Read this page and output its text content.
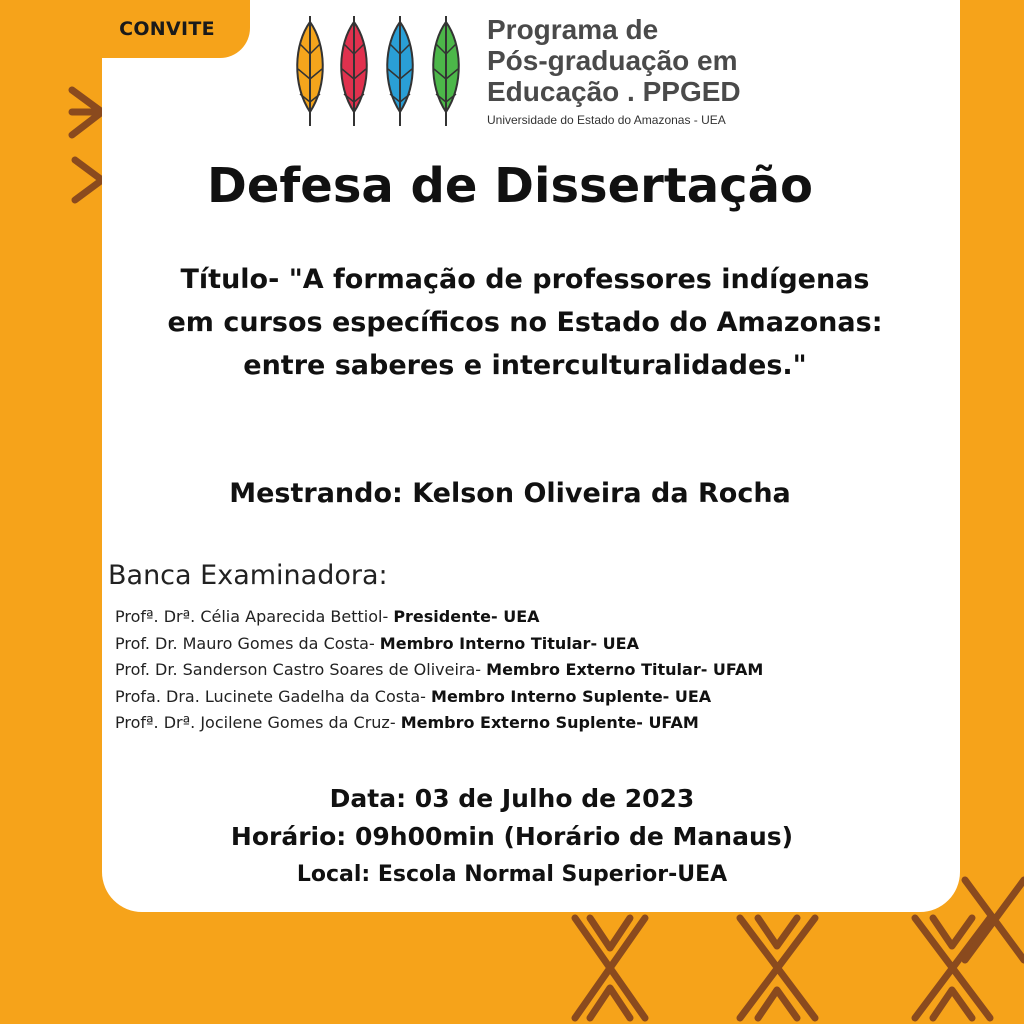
CONVITE	Programa de
Pós-graduação em
Educação . PPGED
Universidade do Estado do Amazonas - UEA
Defesa de Dissertação
Título- "A formação de professores indígenas
em cursos específicos no Estado do Amazonas:
entre saberes e interculturalidades."
Mestrando: Kelson Oliveira da Rocha
Banca Examinadora:
Profª. Drª. Célia Aparecida Bettiol- Presidente- UEA
Prof. Dr. Mauro Gomes da Costa- Membro Interno Titular- UEA
Prof. Dr. Sanderson Castro Soares de Oliveira- Membro Externo Titular- UFAM
Profa. Dra. Lucinete Gadelha da Costa- Membro Interno Suplente- UEA
Profª. Drª. Jocilene Gomes da Cruz- Membro Externo Suplente- UFAM
Data: 03 de Julho de 2023
Horário: 09h00min (Horário de Manaus)
Local: Escola Normal Superior-UEA
